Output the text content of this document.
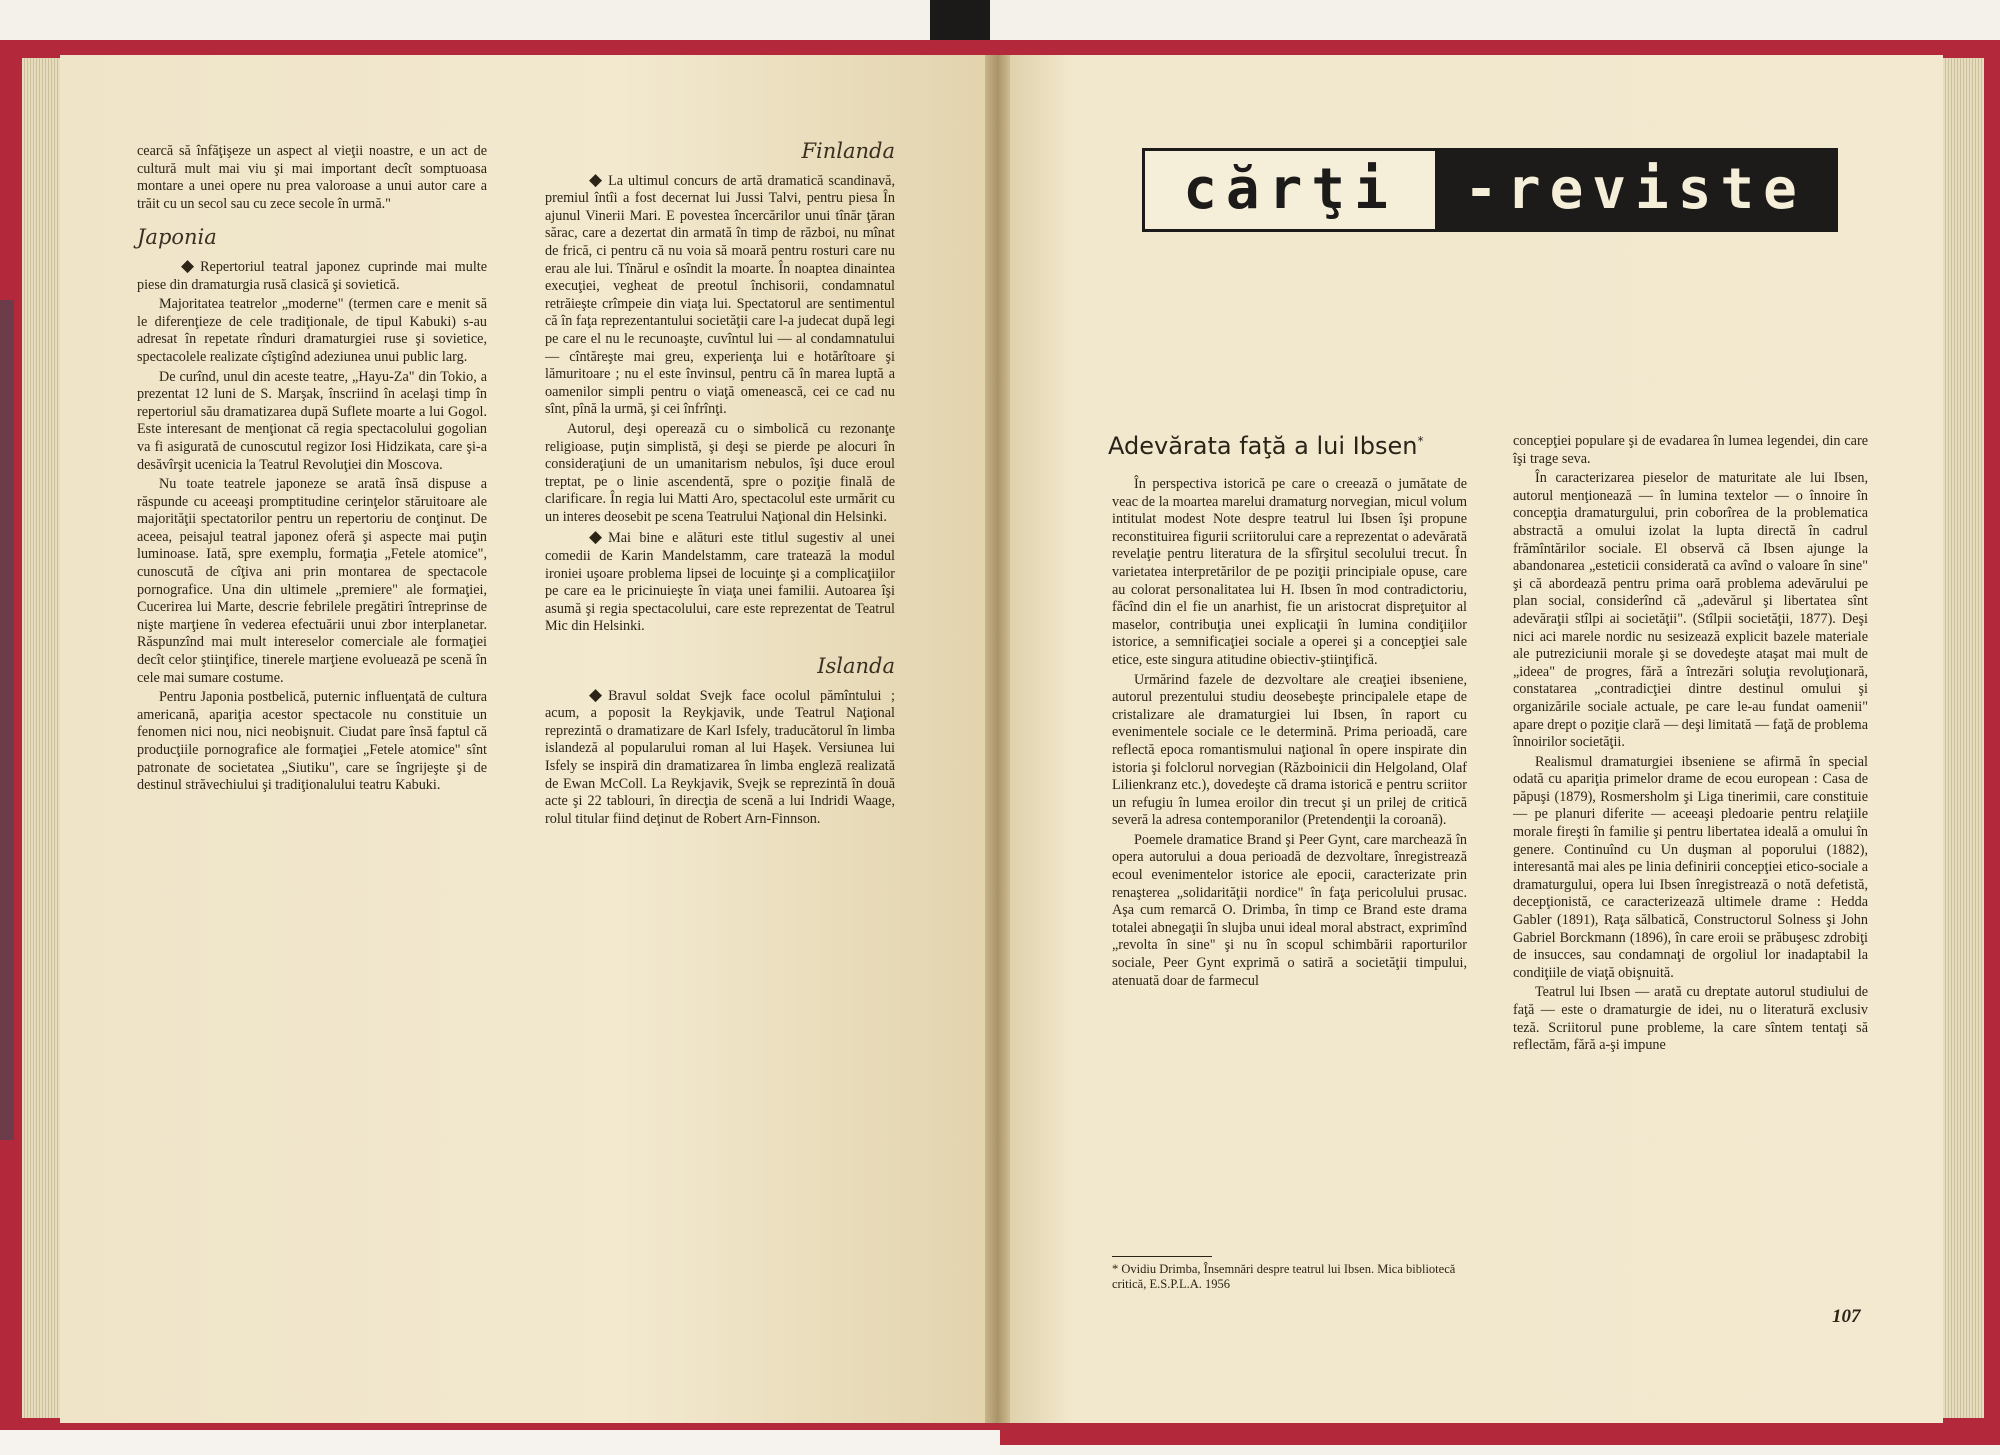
cearcă să înfăţişeze un aspect al vieţii noastre, e un act de cultură mult mai viu şi mai important decît somptuoasa montare a unei opere nu prea valoroase a unui autor care a trăit cu un secol sau cu zece secole în urmă."

Japonia

◆ Repertoriul teatral japonez cuprinde mai multe piese din dramaturgia rusă clasică şi sovietică.

Majoritatea teatrelor „moderne" (termen care e menit să le diferenţieze de cele tradiţionale, de tipul Kabuki) s-au adresat în repetate rînduri dramaturgiei ruse şi sovietice, spectacolele realizate cîştigînd adeziunea unui public larg.

De curînd, unul din aceste teatre, „Hayu-Za" din Tokio, a prezentat 12 luni de S. Marşak, înscriind în acelaşi timp în repertoriul său dramatizarea după Suflete moarte a lui Gogol. Este interesant de menţionat că regia spectacolului gogolian va fi asigurată de cunoscutul regizor Iosi Hidzikata, care şi-a desăvîrşit ucenicia la Teatrul Revoluţiei din Moscova.

Nu toate teatrele japoneze se arată însă dispuse a răspunde cu aceeaşi promptitudine cerinţelor stăruitoare ale majorităţii spectatorilor pentru un repertoriu de conţinut. De aceea, peisajul teatral japonez oferă şi aspecte mai puţin luminoase. Iată, spre exemplu, formaţia „Fetele atomice", cunoscută de cîţiva ani prin montarea de spectacole pornografice. Una din ultimele „premiere" ale formaţiei, Cucerirea lui Marte, descrie febrilele pregătiri întreprinse de nişte marţiene în vederea efectuării unui zbor interplanetar. Răspunzînd mai mult intereselor comerciale ale formaţiei decît celor ştiinţifice, tinerele marţiene evoluează pe scenă în cele mai sumare costume.

Pentru Japonia postbelică, puternic influenţată de cultura americană, apariţia acestor spectacole nu constituie un fenomen nici nou, nici neobişnuit. Ciudat pare însă faptul că producţiile pornografice ale formaţiei „Fetele atomice" sînt patronate de societatea „Siutiku", care se îngrijeşte şi de destinul străvechiului şi tradiţionalului teatru Kabuki.

Finlanda

◆ La ultimul concurs de artă dramatică scandinavă, premiul întîi a fost decernat lui Jussi Talvi, pentru piesa În ajunul Vinerii Mari. E povestea încercărilor unui tînăr ţăran sărac, care a dezertat din armată în timp de război, nu mînat de frică, ci pentru că nu voia să moară pentru rosturi care nu erau ale lui. Tînărul e osîndit la moarte. În noaptea dinaintea execuţiei, vegheat de preotul închisorii, condamnatul retrăieşte crîmpeie din viaţa lui. Spectatorul are sentimentul că în faţa reprezentantului societăţii care l-a judecat după legi pe care el nu le recunoaşte, cuvîntul lui — al condamnatului — cîntăreşte mai greu, experienţa lui e hotărîtoare şi lămuritoare ; nu el este învinsul, pentru că în marea luptă a oamenilor simpli pentru o viaţă omenească, cei ce cad nu sînt, pînă la urmă, şi cei înfrînţi.

Autorul, deşi operează cu o simbolică cu rezonanţe religioase, puţin simplistă, şi deşi se pierde pe alocuri în consideraţiuni de un umanitarism nebulos, îşi duce eroul treptat, pe o linie ascendentă, spre o poziţie finală de clarificare. În regia lui Matti Aro, spectacolul este urmărit cu un interes deosebit pe scena Teatrului Naţional din Helsinki.

◆ Mai bine e alături este titlul sugestiv al unei comedii de Karin Mandelstamm, care tratează la modul ironiei uşoare problema lipsei de locuinţe şi a complicaţiilor pe care ea le pricinuieşte în viaţa unei familii. Autoarea îşi asumă şi regia spectacolului, care este reprezentat de Teatrul Mic din Helsinki.

Islanda

◆ Bravul soldat Svejk face ocolul pămîntului ; acum, a poposit la Reykjavik, unde Teatrul Naţional reprezintă o dramatizare de Karl Isfely, traducătorul în limba islandeză al popularului roman al lui Haşek. Versiunea lui Isfely se inspiră din dramatizarea în limba engleză realizată de Ewan McColl. La Reykjavik, Svejk se reprezintă în două acte şi 22 tablouri, în direcţia de scenă a lui Indridi Waage, rolul titular fiind deţinut de Robert Arn-Finnson.

cărţi	-reviste
Adevărata faţă a lui Ibsen*

În perspectiva istorică pe care o creează o jumătate de veac de la moartea marelui dramaturg norvegian, micul volum intitulat modest Note despre teatrul lui Ibsen îşi propune reconstituirea figurii scriitorului care a reprezentat o adevărată revelaţie pentru literatura de la sfîrşitul secolului trecut. În varietatea interpretărilor de pe poziţii principiale opuse, care au colorat personalitatea lui H. Ibsen în mod contradictoriu, făcînd din el fie un anarhist, fie un aristocrat dispreţuitor al maselor, contribuţia unei explicaţii în lumina condiţiilor istorice, a semnificaţiei sociale a operei şi a concepţiei sale etice, este singura atitudine obiectiv-ştiinţifică.

Urmărind fazele de dezvoltare ale creaţiei ibseniene, autorul prezentului studiu deosebeşte principalele etape de cristalizare ale dramaturgiei lui Ibsen, în raport cu evenimentele sociale ce le determină. Prima perioadă, care reflectă epoca romantismului naţional în opere inspirate din istoria şi folclorul norvegian (Războinicii din Helgoland, Olaf Lilienkranz etc.), dovedeşte că drama istorică e pentru scriitor un refugiu în lumea eroilor din trecut şi un prilej de critică severă la adresa contemporanilor (Pretendenţii la coroană).

Poemele dramatice Brand şi Peer Gynt, care marchează în opera autorului a doua perioadă de dezvoltare, înregistrează ecoul evenimentelor istorice ale epocii, caracterizate prin renaşterea „solidarităţii nordice" în faţa pericolului prusac. Aşa cum remarcă O. Drimba, în timp ce Brand este drama totalei abnegaţii în slujba unui ideal moral abstract, exprimînd „revolta în sine" şi nu în scopul schimbării raporturilor sociale, Peer Gynt exprimă o satiră a societăţii timpului, atenuată doar de farmecul

* Ovidiu Drimba, Însemnări despre teatrul lui Ibsen. Mica bibliotecă critică, E.S.P.L.A. 1956

concepţiei populare şi de evadarea în lumea legendei, din care îşi trage seva.

În caracterizarea pieselor de maturitate ale lui Ibsen, autorul menţionează — în lumina textelor — o înnoire în concepţia dramaturgului, prin coborîrea de la problematica abstractă a omului izolat la lupta directă în cadrul frămîntărilor sociale. El observă că Ibsen ajunge la abandonarea „esteticii considerată ca avînd o valoare în sine" şi că abordează pentru prima oară problema adevărului pe plan social, considerînd că „adevărul şi libertatea sînt adevăraţii stîlpi ai societăţii". (Stîlpii societăţii, 1877). Deşi nici aci marele nordic nu sesizează explicit bazele materiale ale putreziciunii morale şi se dovedeşte ataşat mai mult de „ideea" de progres, fără a întrezări soluţia revoluţionară, constatarea „contradicţiei dintre destinul omului şi organizările sociale actuale, pe care le-au fundat oamenii" apare drept o poziţie clară — deşi limitată — faţă de problema înnoirilor societăţii.

Realismul dramaturgiei ibseniene se afirmă în special odată cu apariţia primelor drame de ecou european : Casa de păpuşi (1879), Rosmersholm şi Liga tinerimii, care constituie — pe planuri diferite — aceeaşi pledoarie pentru relaţiile morale fireşti în familie şi pentru libertatea ideală a omului în genere. Continuînd cu Un duşman al poporului (1882), interesantă mai ales pe linia definirii concepţiei etico-sociale a dramaturgului, opera lui Ibsen înregistrează o notă defetistă, decepţionistă, ce caracterizează ultimele drame : Hedda Gabler (1891), Raţa sălbatică, Constructorul Solness şi John Gabriel Borckmann (1896), în care eroii se prăbuşesc zdrobiţi de insucces, sau condamnaţi de orgoliul lor inadaptabil la condiţiile de viaţă obişnuită.

Teatrul lui Ibsen — arată cu dreptate autorul studiului de faţă — este o dramaturgie de idei, nu o literatură exclusiv teză. Scriitorul pune probleme, la care sîntem tentaţi să reflectăm, fără a-şi impune

107
